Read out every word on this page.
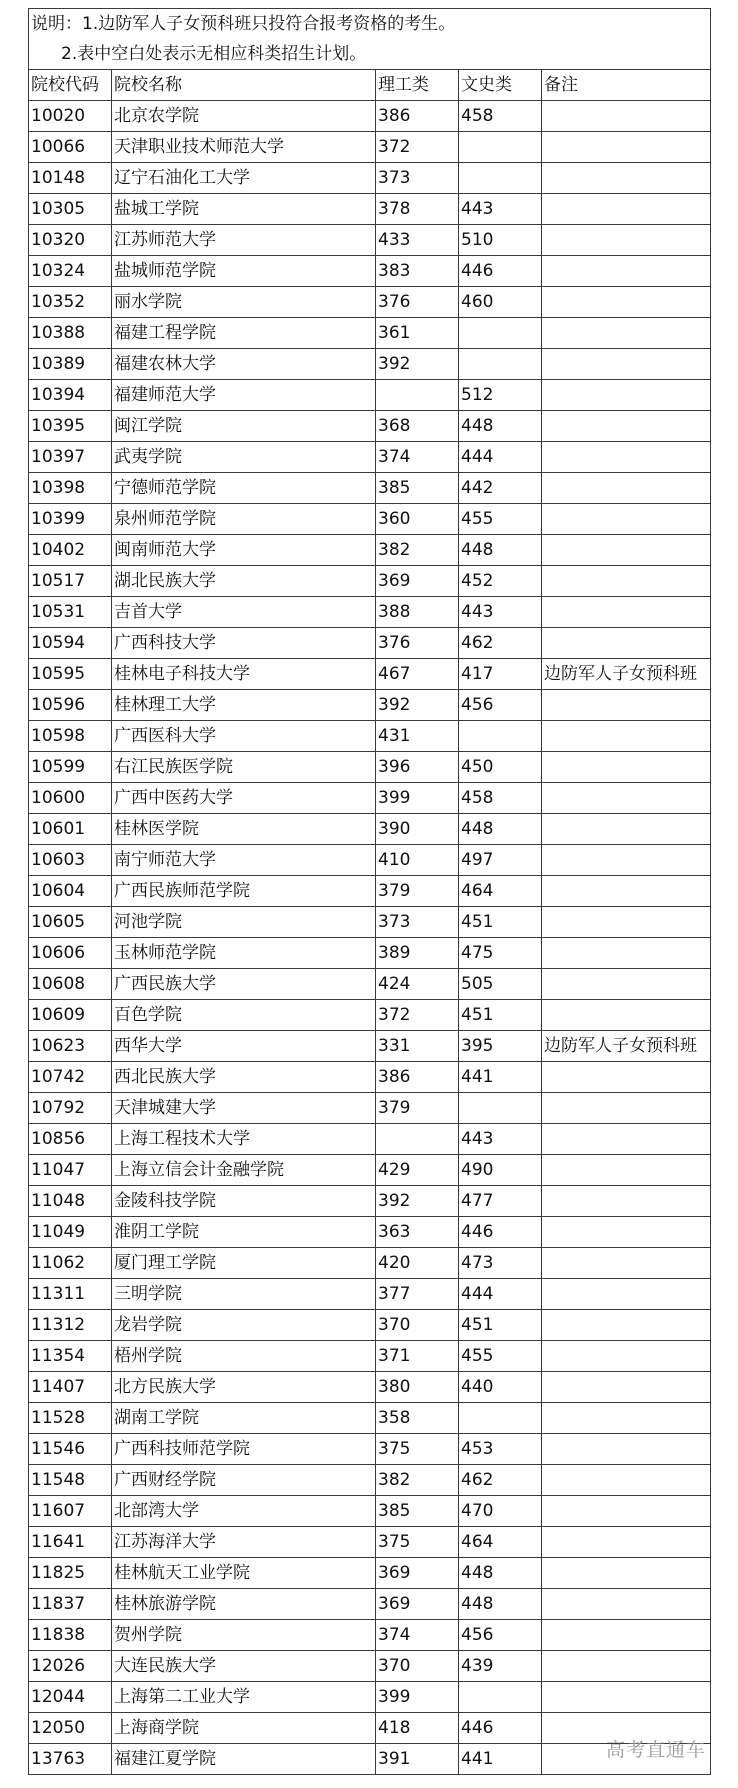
说明：1.边防军人子女预科班只投符合报考资格的考生。				
2.表中空白处表示无相应科类招生计划。				
院校代码	院校名称	理工类	文史类	备注
10020	北京农学院	386	458	
10066	天津职业技术师范大学	372		
10148	辽宁石油化工大学	373		
10305	盐城工学院	378	443	
10320	江苏师范大学	433	510	
10324	盐城师范学院	383	446	
10352	丽水学院	376	460	
10388	福建工程学院	361		
10389	福建农林大学	392		
10394	福建师范大学		512	
10395	闽江学院	368	448	
10397	武夷学院	374	444	
10398	宁德师范学院	385	442	
10399	泉州师范学院	360	455	
10402	闽南师范大学	382	448	
10517	湖北民族大学	369	452	
10531	吉首大学	388	443	
10594	广西科技大学	376	462	
10595	桂林电子科技大学	467	417	边防军人子女预科班
10596	桂林理工大学	392	456	
10598	广西医科大学	431		
10599	右江民族医学院	396	450	
10600	广西中医药大学	399	458	
10601	桂林医学院	390	448	
10603	南宁师范大学	410	497	
10604	广西民族师范学院	379	464	
10605	河池学院	373	451	
10606	玉林师范学院	389	475	
10608	广西民族大学	424	505	
10609	百色学院	372	451	
10623	西华大学	331	395	边防军人子女预科班
10742	西北民族大学	386	441	
10792	天津城建大学	379		
10856	上海工程技术大学		443	
11047	上海立信会计金融学院	429	490	
11048	金陵科技学院	392	477	
11049	淮阴工学院	363	446	
11062	厦门理工学院	420	473	
11311	三明学院	377	444	
11312	龙岩学院	370	451	
11354	梧州学院	371	455	
11407	北方民族大学	380	440	
11528	湖南工学院	358		
11546	广西科技师范学院	375	453	
11548	广西财经学院	382	462	
11607	北部湾大学	385	470	
11641	江苏海洋大学	375	464	
11825	桂林航天工业学院	369	448	
11837	桂林旅游学院	369	448	
11838	贺州学院	374	456	
12026	大连民族大学	370	439	
12044	上海第二工业大学	399		
12050	上海商学院	418	446	
13763	福建江夏学院	391	441		高考直通车
